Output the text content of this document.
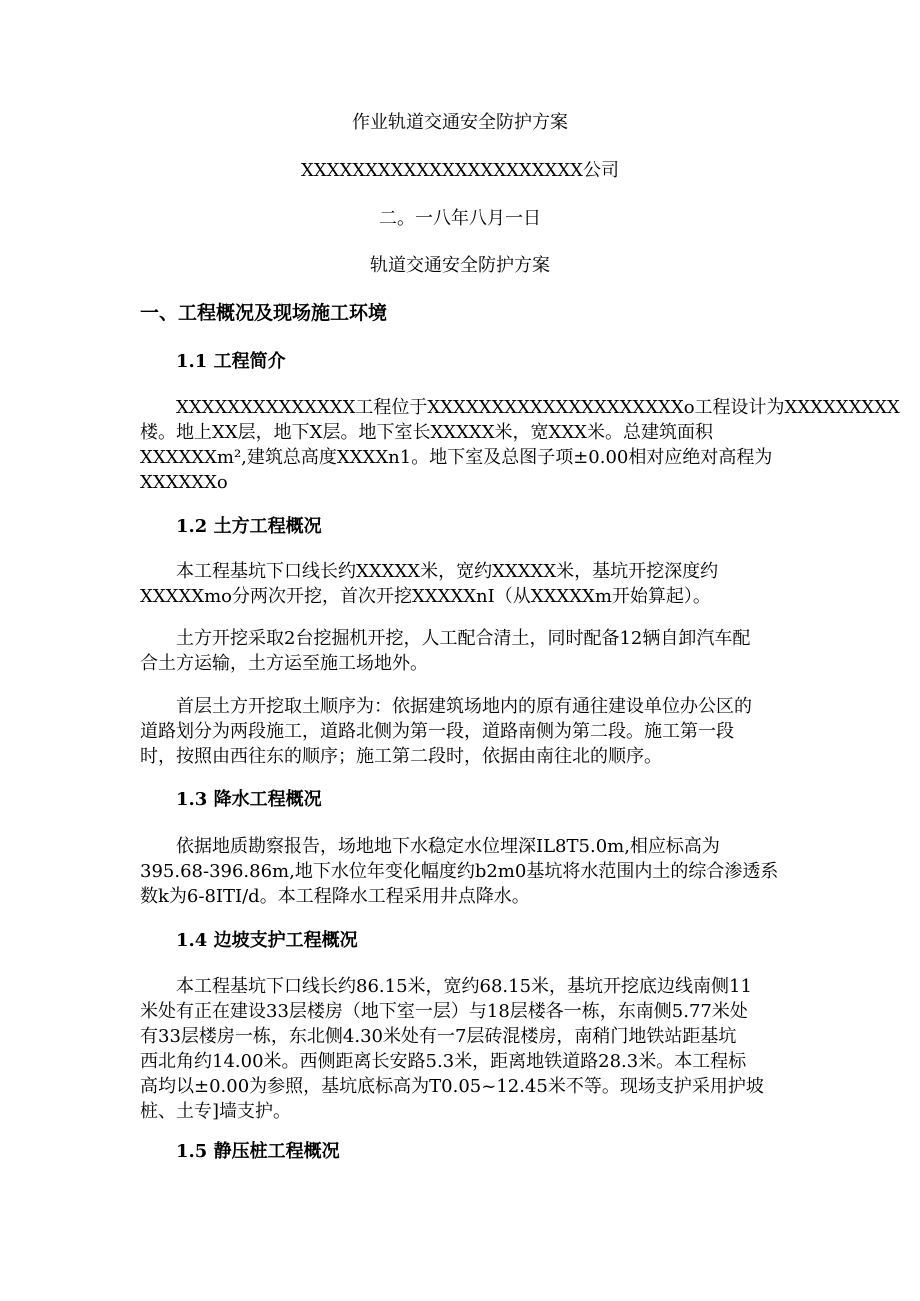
作业轨道交通安全防护方案
XXXXXXXXXXXXXXXXXXXXXX公司
二。一八年八月一日
轨道交通安全防护方案
一、工程概况及现场施工环境
1.1 工程简介
XXXXXXXXXXXXXX工程位于XXXXXXXXXXXXXXXXXXXXo工程设计为XXXXXXXXX
楼。地上XX层，地下X层。地下室长XXXXX米，宽XXX米。总建筑面积
XXXXXXm²,建筑总高度XXXXn1。地下室及总图子项±0.00相对应绝对高程为
XXXXXXo
1.2 土方工程概况
本工程基坑下口线长约XXXXX米，宽约XXXXX米，基坑开挖深度约
XXXXXmo分两次开挖，首次开挖XXXXXnI（从XXXXXm开始算起）。
土方开挖采取2台挖掘机开挖，人工配合清土，同时配备12辆自卸汽车配
合土方运输，土方运至施工场地外。
首层土方开挖取土顺序为：依据建筑场地内的原有通往建设单位办公区的
道路划分为两段施工，道路北侧为第一段，道路南侧为第二段。施工第一段
时，按照由西往东的顺序；施工第二段时，依据由南往北的顺序。
1.3 降水工程概况
依据地质勘察报告，场地地下水稳定水位埋深IL8T5.0m,相应标高为
395.68-396.86m,地下水位年变化幅度约b2m0基坑将水范围内土的综合渗透系
数k为6-8ITI/d。本工程降水工程采用井点降水。
1.4 边坡支护工程概况
本工程基坑下口线长约86.15米，宽约68.15米，基坑开挖底边线南侧11
米处有正在建设33层楼房（地下室一层）与18层楼各一栋，东南侧5.77米处
有33层楼房一栋，东北侧4.30米处有一7层砖混楼房，南稍门地铁站距基坑
西北角约14.00米。西侧距离长安路5.3米，距离地铁道路28.3米。本工程标
高均以±0.00为参照，基坑底标高为T0.05~12.45米不等。现场支护采用护坡
桩、土专]墙支护。
1.5 静压桩工程概况
